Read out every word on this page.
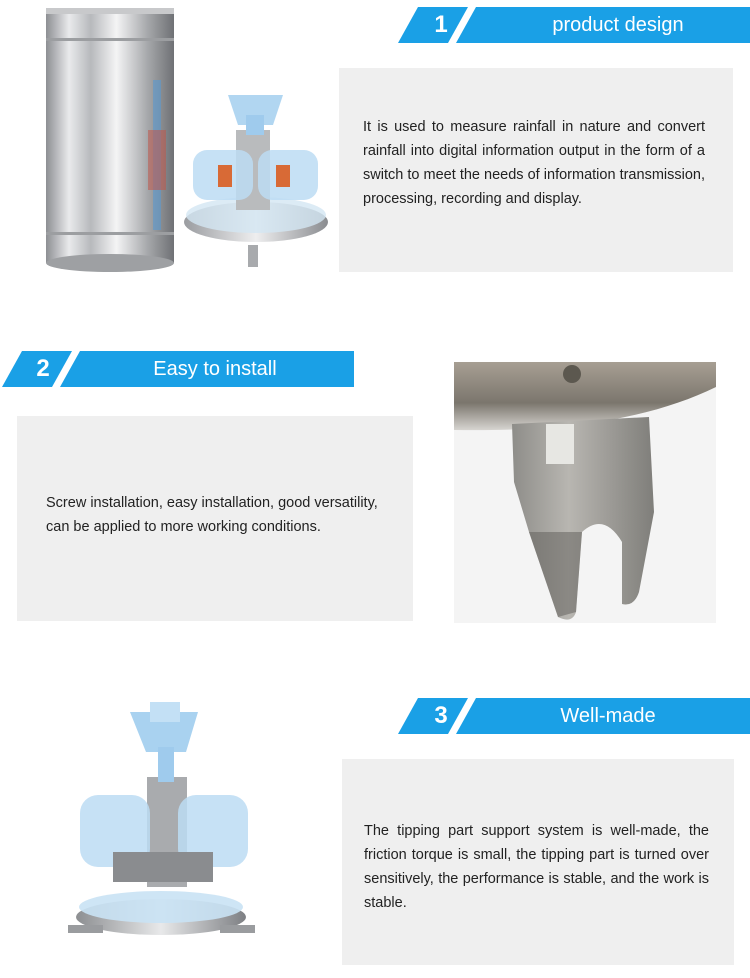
1	product design

It is used to measure rainfall in nature and convert rainfall into digital information output in the form of a switch to meet the needs of information transmission, processing, recording and display.

2	Easy to install

Screw installation, easy installation, good versatility, can be applied to more working conditions.

3	Well-made

The tipping part support system is well-made, the friction torque is small, the tipping part is turned over sensitively, the performance is stable, and the work is stable.
